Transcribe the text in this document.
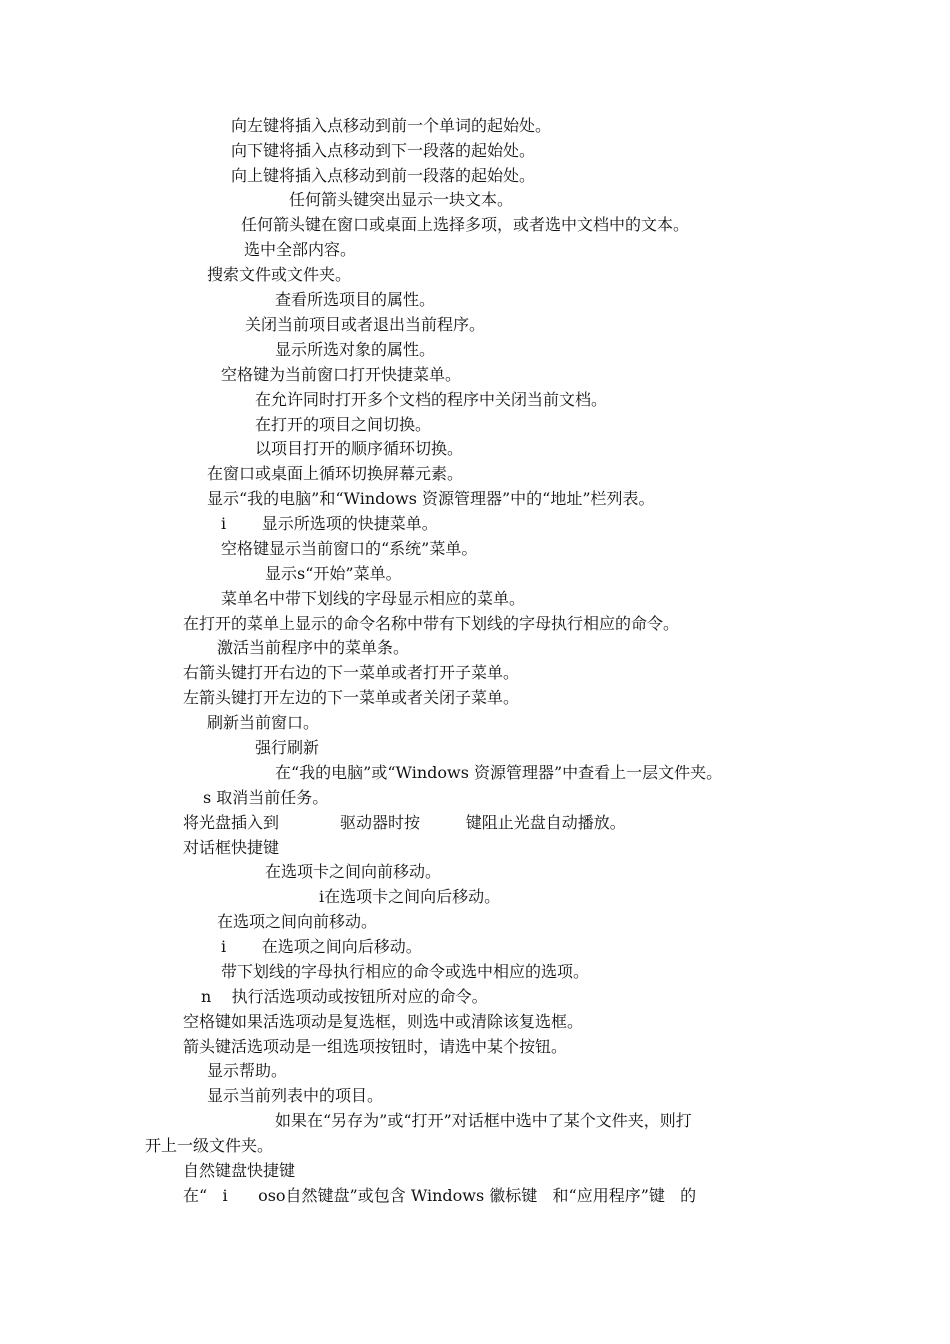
向左键将插入点移动到前一个单词的起始处。
向下键将插入点移动到下一段落的起始处。
向上键将插入点移动到前一段落的起始处。
任何箭头键突出显示一块文本。
任何箭头键在窗口或桌面上选择多项，或者选中文档中的文本。
选中全部内容。
搜索文件或文件夹。
查看所选项目的属性。
关闭当前项目或者退出当前程序。
显示所选对象的属性。
空格键为当前窗口打开快捷菜单。
在允许同时打开多个文档的程序中关闭当前文档。
在打开的项目之间切换。
以项目打开的顺序循环切换。
在窗口或桌面上循环切换屏幕元素。
显示“我的电脑”和“Windows 资源管理器”中的“地址”栏列表。
i       显示所选项的快捷菜单。
空格键显示当前窗口的“系统”菜单。
显示s“开始”菜单。
菜单名中带下划线的字母显示相应的菜单。
在打开的菜单上显示的命令名称中带有下划线的字母执行相应的命令。
激活当前程序中的菜单条。
右箭头键打开右边的下一菜单或者打开子菜单。
左箭头键打开左边的下一菜单或者关闭子菜单。
刷新当前窗口。
强行刷新
在“我的电脑”或“Windows 资源管理器”中查看上一层文件夹。
s 取消当前任务。
将光盘插入到            驱动器时按         键阻止光盘自动播放。
对话框快捷键
在选项卡之间向前移动。
i在选项卡之间向后移动。
在选项之间向前移动。
i       在选项之间向后移动。
带下划线的字母执行相应的命令或选中相应的选项。
n    执行活选项动或按钮所对应的命令。
空格键如果活选项动是复选框，则选中或清除该复选框。
箭头键活选项动是一组选项按钮时，请选中某个按钮。
显示帮助。
显示当前列表中的项目。
如果在“另存为”或“打开”对话框中选中了某个文件夹，则打
开上一级文件夹。
自然键盘快捷键
在“   i      oso自然键盘”或包含 Windows 徽标键   和“应用程序”键   的
